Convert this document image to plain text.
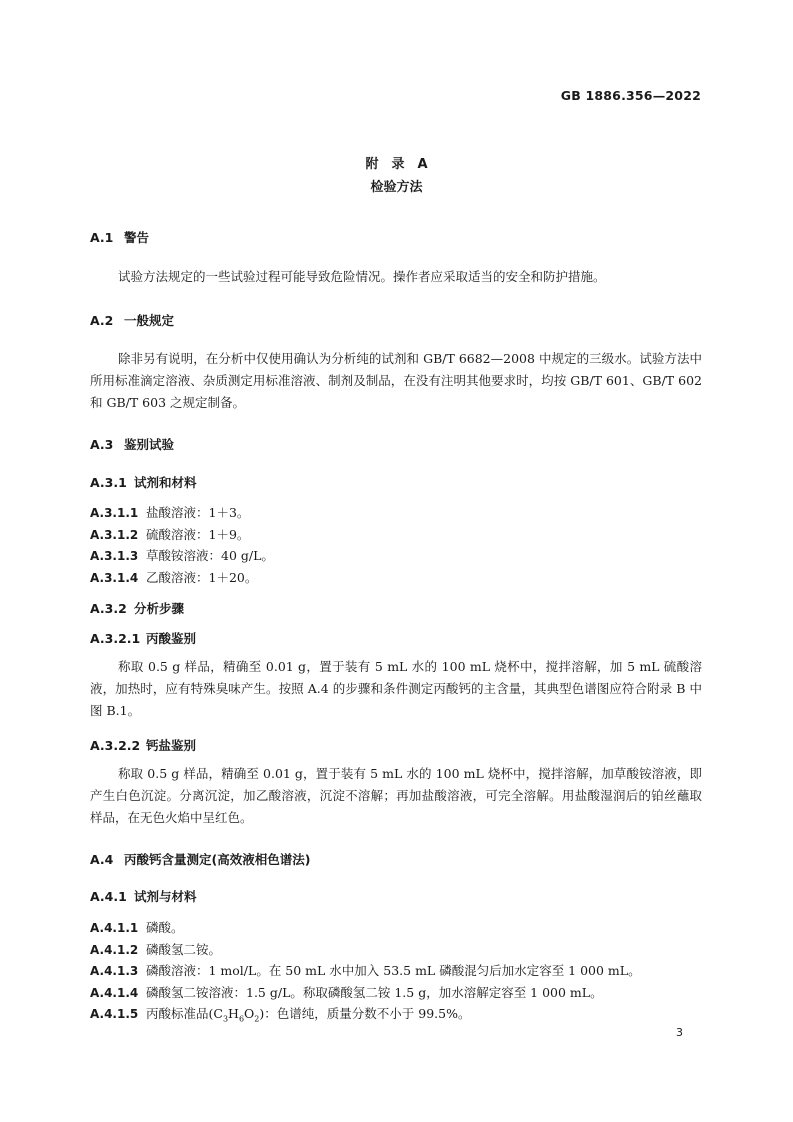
GB 1886.356—2022
附　录　A
检验方法
A.1 警告
试验方法规定的一些试验过程可能导致危险情况。操作者应采取适当的安全和防护措施。
A.2 一般规定
除非另有说明，在分析中仅使用确认为分析纯的试剂和 GB/T 6682—2008 中规定的三级水。试验方法中所用标准滴定溶液、杂质测定用标准溶液、制剂及制品，在没有注明其他要求时，均按 GB/T 601、GB/T 602 和 GB/T 603 之规定制备。
A.3 鉴别试验
A.3.1 试剂和材料
A.3.1.1 盐酸溶液：1＋3。
A.3.1.2 硫酸溶液：1＋9。
A.3.1.3 草酸铵溶液：40 g/L。
A.3.1.4 乙酸溶液：1＋20。
A.3.2 分析步骤
A.3.2.1 丙酸鉴别
称取 0.5 g 样品，精确至 0.01 g，置于装有 5 mL 水的 100 mL 烧杯中，搅拌溶解，加 5 mL 硫酸溶液，加热时，应有特殊臭味产生。按照 A.4 的步骤和条件测定丙酸钙的主含量，其典型色谱图应符合附录 B 中图 B.1。
A.3.2.2 钙盐鉴别
称取 0.5 g 样品，精确至 0.01 g，置于装有 5 mL 水的 100 mL 烧杯中，搅拌溶解，加草酸铵溶液，即产生白色沉淀。分离沉淀，加乙酸溶液，沉淀不溶解；再加盐酸溶液，可完全溶解。用盐酸湿润后的铂丝蘸取样品，在无色火焰中呈红色。
A.4 丙酸钙含量测定(高效液相色谱法)
A.4.1 试剂与材料
A.4.1.1 磷酸。
A.4.1.2 磷酸氢二铵。
A.4.1.3 磷酸溶液：1 mol/L。在 50 mL 水中加入 53.5 mL 磷酸混匀后加水定容至 1 000 mL。
A.4.1.4 磷酸氢二铵溶液：1.5 g/L。称取磷酸氢二铵 1.5 g，加水溶解定容至 1 000 mL。
A.4.1.5 丙酸标准品$(C_3H_6O_2)$：色谱纯，质量分数不小于 99.5%。
3
